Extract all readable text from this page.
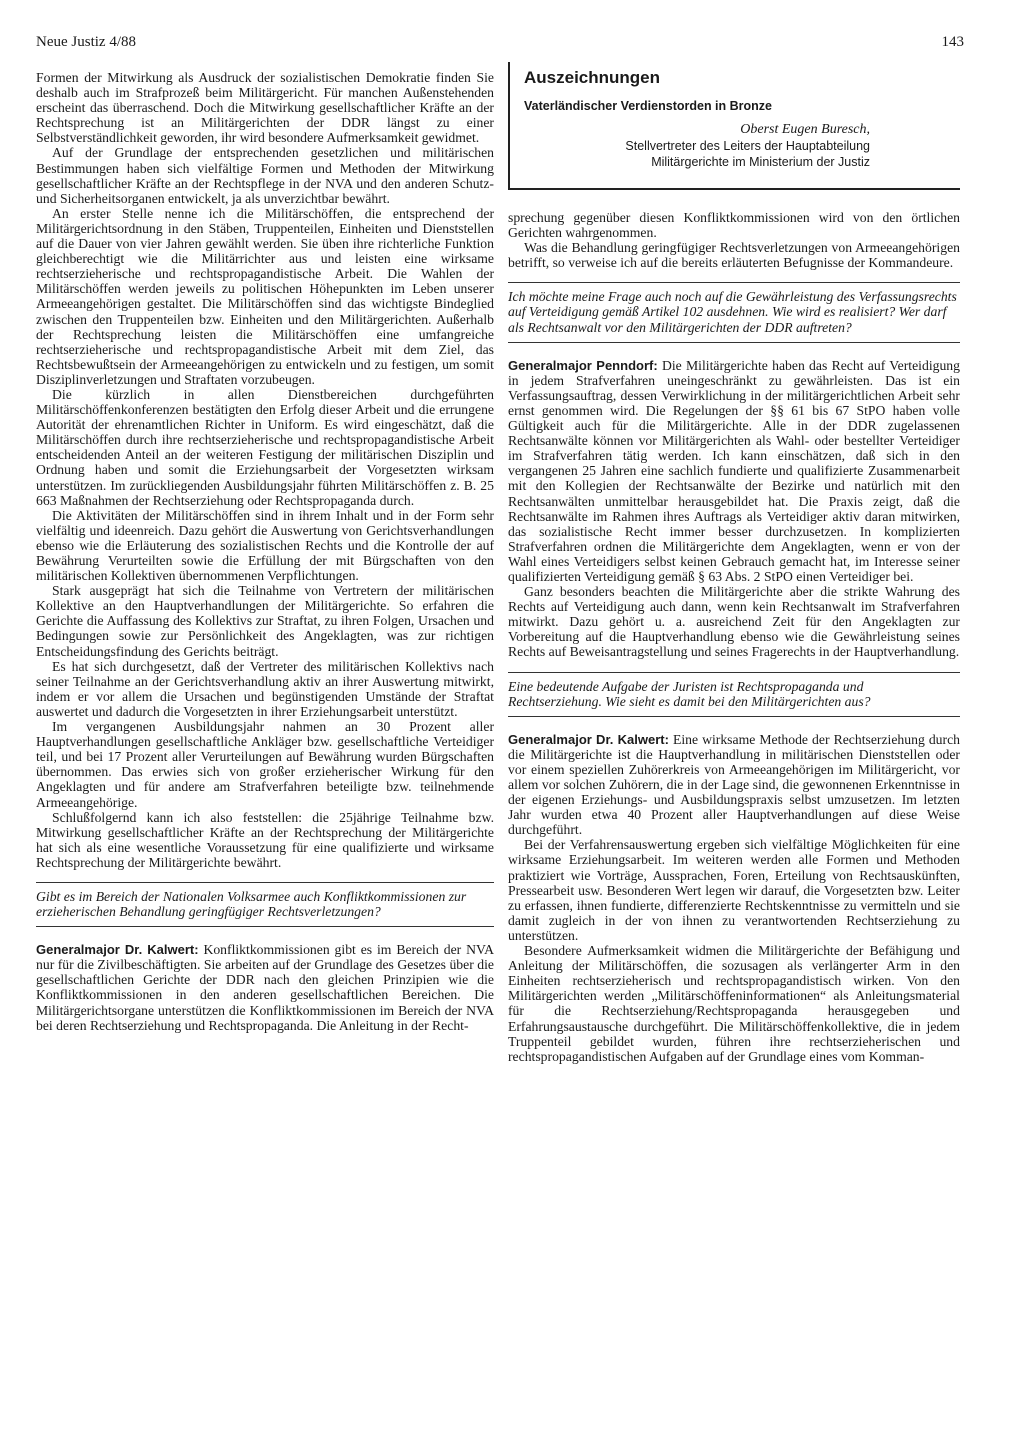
Neue Justiz 4/88	143

Formen der Mitwirkung als Ausdruck der sozialistischen Demokratie finden Sie deshalb auch im Strafprozeß beim Militärgericht. Für manchen Außenstehenden erscheint das überraschend. Doch die Mitwirkung gesellschaftlicher Kräfte an der Rechtsprechung ist an Militärgerichten der DDR längst zu einer Selbstverständlichkeit geworden, ihr wird besondere Aufmerksamkeit gewidmet.

Auf der Grundlage der entsprechenden gesetzlichen und militärischen Bestimmungen haben sich vielfältige Formen und Methoden der Mitwirkung gesellschaftlicher Kräfte an der Rechtspflege in der NVA und den anderen Schutz- und Sicherheitsorganen entwickelt, ja als unverzichtbar bewährt.

An erster Stelle nenne ich die Militärschöffen, die entsprechend der Militärgerichtsordnung in den Stäben, Truppenteilen, Einheiten und Dienststellen auf die Dauer von vier Jahren gewählt werden. Sie üben ihre richterliche Funktion gleichberechtigt wie die Militärrichter aus und leisten eine wirksame rechtserzieherische und rechtspropagandistische Arbeit. Die Wahlen der Militärschöffen werden jeweils zu politischen Höhepunkten im Leben unserer Armeeangehörigen gestaltet. Die Militärschöffen sind das wichtigste Bindeglied zwischen den Truppenteilen bzw. Einheiten und den Militärgerichten. Außerhalb der Rechtsprechung leisten die Militärschöffen eine umfangreiche rechtserzieherische und rechtspropagandistische Arbeit mit dem Ziel, das Rechtsbewußtsein der Armeeangehörigen zu entwickeln und zu festigen, um somit Disziplinverletzungen und Straftaten vorzubeugen.

Die kürzlich in allen Dienstbereichen durchgeführten Militärschöffenkonferenzen bestätigten den Erfolg dieser Arbeit und die errungene Autorität der ehrenamtlichen Richter in Uniform. Es wird eingeschätzt, daß die Militärschöffen durch ihre rechtserzieherische und rechtspropagandistische Arbeit entscheidenden Anteil an der weiteren Festigung der militärischen Disziplin und Ordnung haben und somit die Erziehungsarbeit der Vorgesetzten wirksam unterstützen. Im zurückliegenden Ausbildungsjahr führten Militärschöffen z. B. 25 663 Maßnahmen der Rechtserziehung oder Rechtspropaganda durch.

Die Aktivitäten der Militärschöffen sind in ihrem Inhalt und in der Form sehr vielfältig und ideenreich. Dazu gehört die Auswertung von Gerichtsverhandlungen ebenso wie die Erläuterung des sozialistischen Rechts und die Kontrolle der auf Bewährung Verurteilten sowie die Erfüllung der mit Bürgschaften von den militärischen Kollektiven übernommenen Verpflichtungen.

Stark ausgeprägt hat sich die Teilnahme von Vertretern der militärischen Kollektive an den Hauptverhandlungen der Militärgerichte. So erfahren die Gerichte die Auffassung des Kollektivs zur Straftat, zu ihren Folgen, Ursachen und Bedingungen sowie zur Persönlichkeit des Angeklagten, was zur richtigen Entscheidungsfindung des Gerichts beiträgt.

Es hat sich durchgesetzt, daß der Vertreter des militärischen Kollektivs nach seiner Teilnahme an der Gerichtsverhandlung aktiv an ihrer Auswertung mitwirkt, indem er vor allem die Ursachen und begünstigenden Umstände der Straftat auswertet und dadurch die Vorgesetzten in ihrer Erziehungsarbeit unterstützt.

Im vergangenen Ausbildungsjahr nahmen an 30 Prozent aller Hauptverhandlungen gesellschaftliche Ankläger bzw. gesellschaftliche Verteidiger teil, und bei 17 Prozent aller Verurteilungen auf Bewährung wurden Bürgschaften übernommen. Das erwies sich von großer erzieherischer Wirkung für den Angeklagten und für andere am Strafverfahren beteiligte bzw. teilnehmende Armeeangehörige.

Schlußfolgernd kann ich also feststellen: die 25jährige Teilnahme bzw. Mitwirkung gesellschaftlicher Kräfte an der Rechtsprechung der Militärgerichte hat sich als eine wesentliche Voraussetzung für eine qualifizierte und wirksame Rechtsprechung der Militärgerichte bewährt.

Gibt es im Bereich der Nationalen Volksarmee auch Konfliktkommissionen zur erzieherischen Behandlung geringfügiger Rechtsverletzungen?

Generalmajor Dr. Kalwert: Konfliktkommissionen gibt es im Bereich der NVA nur für die Zivilbeschäftigten. Sie arbeiten auf der Grundlage des Gesetzes über die gesellschaftlichen Gerichte der DDR nach den gleichen Prinzipien wie die Konfliktkommissionen in den anderen gesellschaftlichen Bereichen. Die Militärgerichtsorgane unterstützen die Konfliktkommissionen im Bereich der NVA bei deren Rechtserziehung und Rechtspropaganda. Die Anleitung in der Recht-

Auszeichnungen
Vaterländischer Verdienstorden in Bronze
Oberst Eugen Buresch,
Stellvertreter des Leiters der Hauptabteilung
Militärgerichte im Ministerium der Justiz

sprechung gegenüber diesen Konfliktkommissionen wird von den örtlichen Gerichten wahrgenommen.

Was die Behandlung geringfügiger Rechtsverletzungen von Armeeangehörigen betrifft, so verweise ich auf die bereits erläuterten Befugnisse der Kommandeure.

Ich möchte meine Frage auch noch auf die Gewährleistung des Verfassungsrechts auf Verteidigung gemäß Artikel 102 ausdehnen. Wie wird es realisiert? Wer darf als Rechtsanwalt vor den Militärgerichten der DDR auftreten?

Generalmajor Penndorf: Die Militärgerichte haben das Recht auf Verteidigung in jedem Strafverfahren uneingeschränkt zu gewährleisten. Das ist ein Verfassungsauftrag, dessen Verwirklichung in der militärgerichtlichen Arbeit sehr ernst genommen wird. Die Regelungen der §§ 61 bis 67 StPO haben volle Gültigkeit auch für die Militärgerichte. Alle in der DDR zugelassenen Rechtsanwälte können vor Militärgerichten als Wahl- oder bestellter Verteidiger im Strafverfahren tätig werden. Ich kann einschätzen, daß sich in den vergangenen 25 Jahren eine sachlich fundierte und qualifizierte Zusammenarbeit mit den Kollegien der Rechtsanwälte der Bezirke und natürlich mit den Rechtsanwälten unmittelbar herausgebildet hat. Die Praxis zeigt, daß die Rechtsanwälte im Rahmen ihres Auftrags als Verteidiger aktiv daran mitwirken, das sozialistische Recht immer besser durchzusetzen. In komplizierten Strafverfahren ordnen die Militärgerichte dem Angeklagten, wenn er von der Wahl eines Verteidigers selbst keinen Gebrauch gemacht hat, im Interesse seiner qualifizierten Verteidigung gemäß § 63 Abs. 2 StPO einen Verteidiger bei.

Ganz besonders beachten die Militärgerichte aber die strikte Wahrung des Rechts auf Verteidigung auch dann, wenn kein Rechtsanwalt im Strafverfahren mitwirkt. Dazu gehört u. a. ausreichend Zeit für den Angeklagten zur Vorbereitung auf die Hauptverhandlung ebenso wie die Gewährleistung seines Rechts auf Beweisantragstellung und seines Fragerechts in der Hauptverhandlung.

Eine bedeutende Aufgabe der Juristen ist Rechtspropaganda und Rechtserziehung. Wie sieht es damit bei den Militärgerichten aus?

Generalmajor Dr. Kalwert: Eine wirksame Methode der Rechtserziehung durch die Militärgerichte ist die Hauptverhandlung in militärischen Dienststellen oder vor einem speziellen Zuhörerkreis von Armeeangehörigen im Militärgericht, vor allem vor solchen Zuhörern, die in der Lage sind, die gewonnenen Erkenntnisse in der eigenen Erziehungs- und Ausbildungspraxis selbst umzusetzen. Im letzten Jahr wurden etwa 40 Prozent aller Hauptverhandlungen auf diese Weise durchgeführt.

Bei der Verfahrensauswertung ergeben sich vielfältige Möglichkeiten für eine wirksame Erziehungsarbeit. Im weiteren werden alle Formen und Methoden praktiziert wie Vorträge, Aussprachen, Foren, Erteilung von Rechtsauskünften, Pressearbeit usw. Besonderen Wert legen wir darauf, die Vorgesetzten bzw. Leiter zu erfassen, ihnen fundierte, differenzierte Rechtskenntnisse zu vermitteln und sie damit zugleich in der von ihnen zu verantwortenden Rechtserziehung zu unterstützen.

Besondere Aufmerksamkeit widmen die Militärgerichte der Befähigung und Anleitung der Militärschöffen, die sozusagen als verlängerter Arm in den Einheiten rechtserzieherisch und rechtspropagandistisch wirken. Von den Militärgerichten werden „Militärschöffeninformationen“ als Anleitungsmaterial für die Rechtserziehung/Rechtspropaganda herausgegeben und Erfahrungsaustausche durchgeführt. Die Militärschöffenkollektive, die in jedem Truppenteil gebildet wurden, führen ihre rechtserzieherischen und rechtspropagandistischen Aufgaben auf der Grundlage eines vom Komman-
